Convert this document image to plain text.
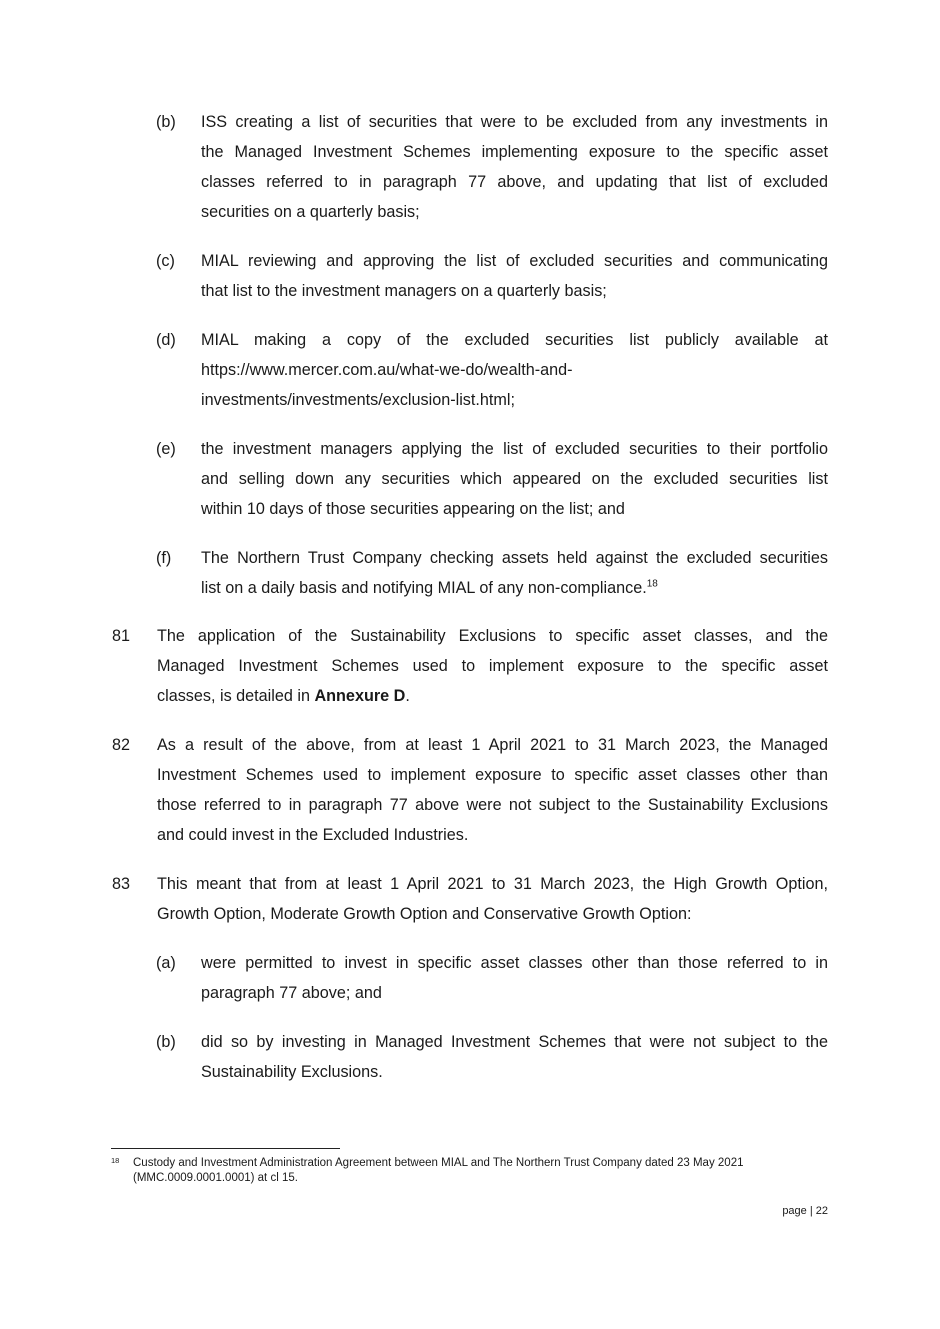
(b)	ISS creating a list of securities that were to be excluded from any investments in
the Managed Investment Schemes implementing exposure to the specific asset
classes referred to in paragraph 77 above, and updating that list of excluded
securities on a quarterly basis;
(c)	MIAL reviewing and approving the list of excluded securities and communicating
that list to the investment managers on a quarterly basis;
(d)	MIAL making a copy of the excluded securities list publicly available at
https://www.mercer.com.au/what-we-do/wealth-and-
investments/investments/exclusion-list.html;
(e)	the investment managers applying the list of excluded securities to their portfolio
and selling down any securities which appeared on the excluded securities list
within 10 days of those securities appearing on the list; and
(f)	The Northern Trust Company checking assets held against the excluded securities
list on a daily basis and notifying MIAL of any non-compliance.$^{18}$
81	The application of the Sustainability Exclusions to specific asset classes, and the
Managed Investment Schemes used to implement exposure to the specific asset
classes, is detailed in Annexure D.
82	As a result of the above, from at least 1 April 2021 to 31 March 2023, the Managed
Investment Schemes used to implement exposure to specific asset classes other than
those referred to in paragraph 77 above were not subject to the Sustainability Exclusions
and could invest in the Excluded Industries.
83	This meant that from at least 1 April 2021 to 31 March 2023, the High Growth Option,
Growth Option, Moderate Growth Option and Conservative Growth Option:
(a)	were permitted to invest in specific asset classes other than those referred to in
paragraph 77 above; and
(b)	did so by investing in Managed Investment Schemes that were not subject to the
Sustainability Exclusions.
18 Custody and Investment Administration Agreement between MIAL and The Northern Trust Company dated 23 May 2021
(MMC.0009.0001.0001) at cl 15.
page | 22
